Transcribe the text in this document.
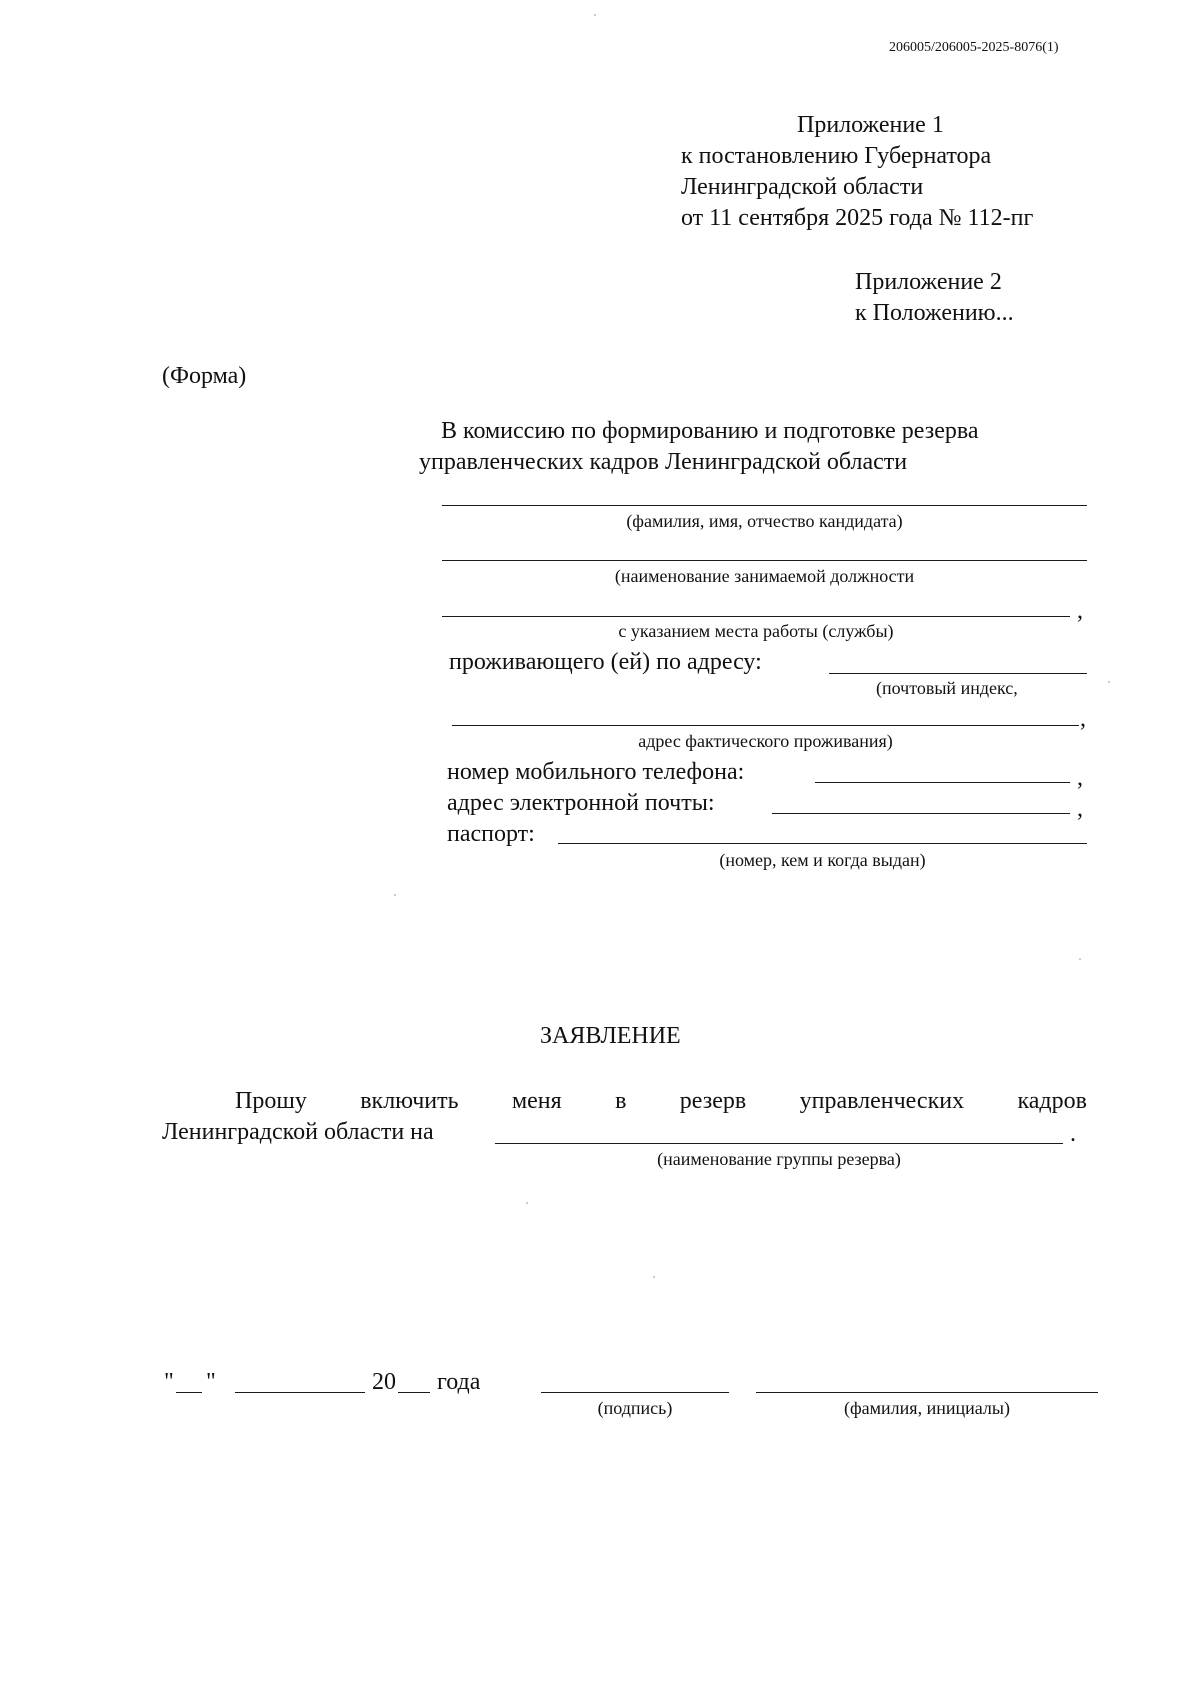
206005/206005-2025-8076(1)
Приложение 1
к постановлению Губернатора
Ленинградской области
от 11 сентября 2025 года № 112-пг
Приложение 2
к Положению...
(Форма)
В комиссию по формированию и подготовке резерва
управленческих кадров Ленинградской области
(фамилия, имя, отчество кандидата)
(наименование занимаемой должности
,
с указанием места работы (службы)
проживающего (ей) по адресу:
(почтовый индекс,
,
адрес фактического проживания)
номер мобильного телефона:	,
адрес электронной почты:	,
паспорт:
(номер, кем и когда выдан)
ЗАЯВЛЕНИЕ
Прошу включить меня в резерв управленческих кадров
Ленинградской области на	.
(наименование группы резерва)
" "	20 года
(подпись)	(фамилия, инициалы)
